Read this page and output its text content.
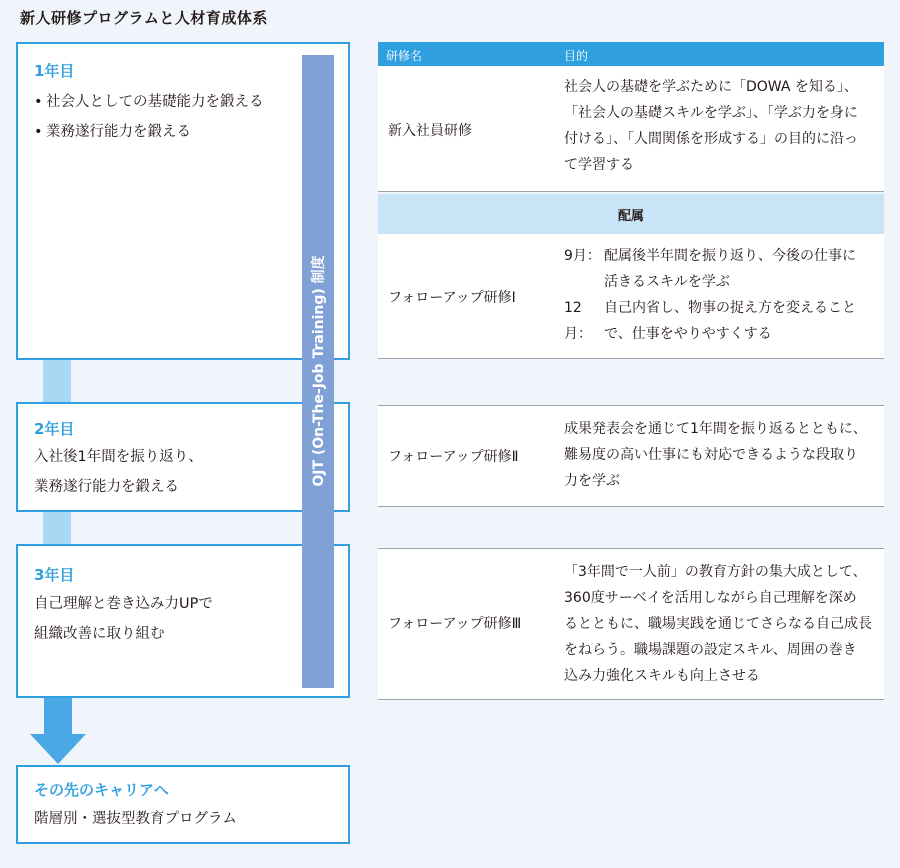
新人研修プログラムと人材育成体系
1年目
• 社会人としての基礎能力を鍛える
• 業務遂行能力を鍛える
2年目
入社後1年間を振り返り、
業務遂行能力を鍛える
3年目
自己理解と巻き込み力UPで
組織改善に取り組む
OJT (On-The-Job Training) 制度
その先のキャリアへ
階層別・選抜型教育プログラム
研修名	目的
新入社員研修
社会人の基礎を学ぶために「DOWA を知る」、
「社会人の基礎スキルを学ぶ」、「学ぶ力を身に
付ける」、「人間関係を形成する」の目的に沿っ
て学習する
配属
フォローアップ研修Ⅰ
9月： 配属後半年間を振り返り、今後の仕事に
活きるスキルを学ぶ
12月：
自己内省し、物事の捉え方を変えること
で、仕事をやりやすくする
フォローアップ研修Ⅱ
成果発表会を通じて1年間を振り返るとともに、
難易度の高い仕事にも対応できるような段取り
力を学ぶ
フォローアップ研修Ⅲ
「3年間で一人前」の教育方針の集大成として、
360度サーベイを活用しながら自己理解を深め
るとともに、職場実践を通じてさらなる自己成長
をねらう。職場課題の設定スキル、周囲の巻き
込み力強化スキルも向上させる
